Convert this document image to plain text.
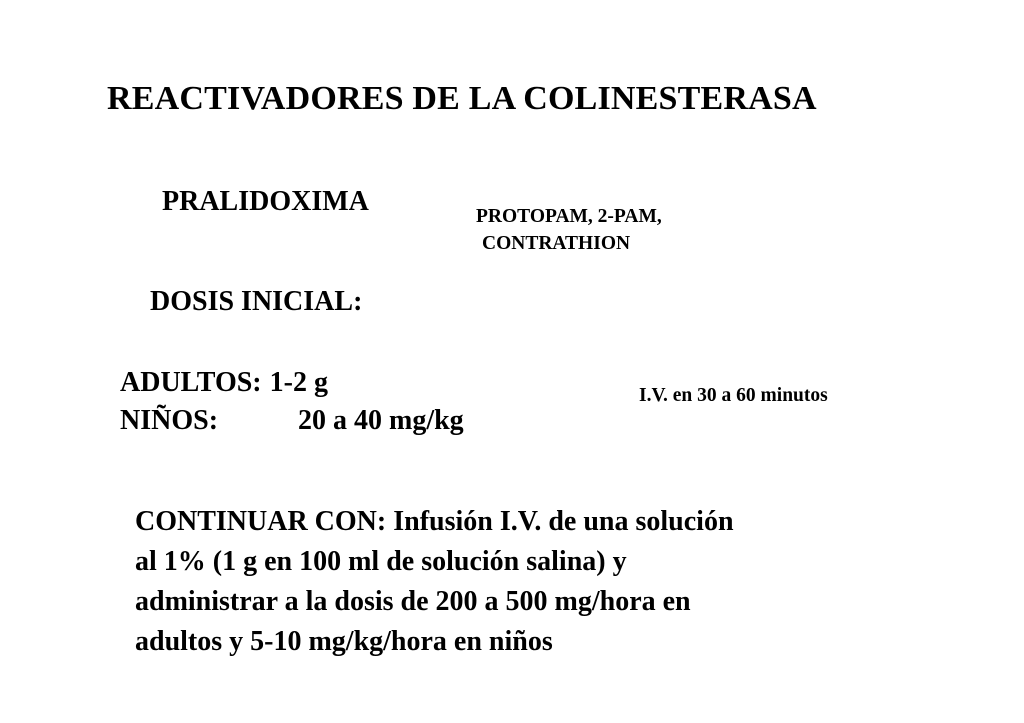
REACTIVADORES DE LA COLINESTERASA
PRALIDOXIMA	PROTOPAM, 2-PAM,
CONTRATHION
DOSIS INICIAL:
ADULTOS: 1-2 g
NIÑOS:	20 a 40 mg/kg
I.V. en 30 a 60 minutos
CONTINUAR CON: Infusión I.V. de una solución
al 1% (1 g en 100 ml de solución salina) y
administrar a la dosis de 200 a 500 mg/hora en
adultos y 5-10 mg/kg/hora en niños
